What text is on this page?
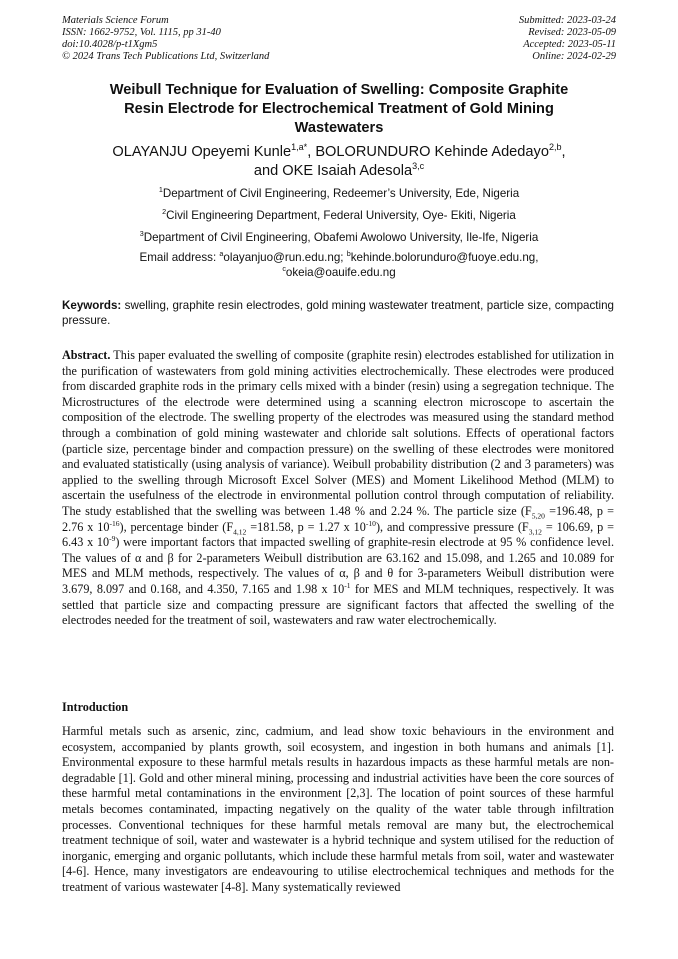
Materials Science Forum
ISSN: 1662-9752, Vol. 1115, pp 31-40
doi:10.4028/p-t1Xgm5
© 2024 Trans Tech Publications Ltd, Switzerland
Submitted: 2023-03-24
Revised: 2023-05-09
Accepted: 2023-05-11
Online: 2024-02-29
Weibull Technique for Evaluation of Swelling: Composite Graphite
Resin Electrode for Electrochemical Treatment of Gold Mining
Wastewaters
OLAYANJU Opeyemi Kunle$^{1,a*}$, BOLORUNDURO Kehinde Adedayo$^{2,b}$,
and OKE Isaiah Adesola$^{3,c}$
$^1$Department of Civil Engineering, Redeemer’s University, Ede, Nigeria
$^2$Civil Engineering Department, Federal University, Oye- Ekiti, Nigeria
$^3$Department of Civil Engineering, Obafemi Awolowo University, Ile-Ife, Nigeria
Email address: $^a$olayanjuo@run.edu.ng; $^b$kehinde.bolorunduro@fuoye.edu.ng,
$^c$okeia@oauife.edu.ng
Keywords: swelling, graphite resin electrodes, gold mining wastewater treatment, particle size, compacting pressure.
Abstract. This paper evaluated the swelling of composite (graphite resin) electrodes established for utilization in the purification of wastewaters from gold mining activities electrochemically. These electrodes were produced from discarded graphite rods in the primary cells mixed with a binder (resin) using a segregation technique. The Microstructures of the electrode were determined using a scanning electron microscope to ascertain the composition of the electrode. The swelling property of the electrodes was measured using the standard method through a combination of gold mining wastewater and chloride salt solutions. Effects of operational factors (particle size, percentage binder and compaction pressure) on the swelling of these electrodes were monitored and evaluated statistically (using analysis of variance). Weibull probability distribution (2 and 3 parameters) was applied to the swelling through Microsoft Excel Solver (MES) and Moment Likelihood Method (MLM) to ascertain the usefulness of the electrode in environmental pollution control through computation of reliability. The study established that the swelling was between 1.48 % and 2.24 %. The particle size ($F_{5,20} =196.48$, p = 2.76 x $10^{-16}$), percentage binder ($F_{4,12} =181.58$, p = 1.27 x $10^{-10}$), and compressive pressure ($F_{3,12} = 106.69$, p = 6.43 x $10^{-9}$) were important factors that impacted swelling of graphite-resin electrode at 95 % confidence level. The values of α and β for 2-parameters Weibull distribution are 63.162 and 15.098, and 1.265 and 10.089 for MES and MLM methods, respectively. The values of α, β and θ for 3-parameters Weibull distribution were 3.679, 8.097 and 0.168, and 4.350, 7.165 and 1.98 x $10^{-1}$ for MES and MLM techniques, respectively. It was settled that particle size and compacting pressure are significant factors that affected the swelling of the electrodes needed for the treatment of soil, wastewaters and raw water electrochemically.
Introduction
Harmful metals such as arsenic, zinc, cadmium, and lead show toxic behaviours in the environment and ecosystem, accompanied by plants growth, soil ecosystem, and ingestion in both humans and animals [1]. Environmental exposure to these harmful metals results in hazardous impacts as these harmful metals are non-degradable [1]. Gold and other mineral mining, processing and industrial activities have been the core sources of these harmful metal contaminations in the environment [2,3]. The location of point sources of these harmful metals becomes contaminated, impacting negatively on the quality of the water table through infiltration processes. Conventional techniques for these harmful metals removal are many but, the electrochemical treatment technique of soil, water and wastewater is a hybrid technique and system utilised for the reduction of inorganic, emerging and organic pollutants, which include these harmful metals from soil, water and wastewater [4-6]. Hence, many investigators are endeavouring to utilise electrochemical techniques and methods for the treatment of various wastewater [4-8]. Many systematically reviewed
